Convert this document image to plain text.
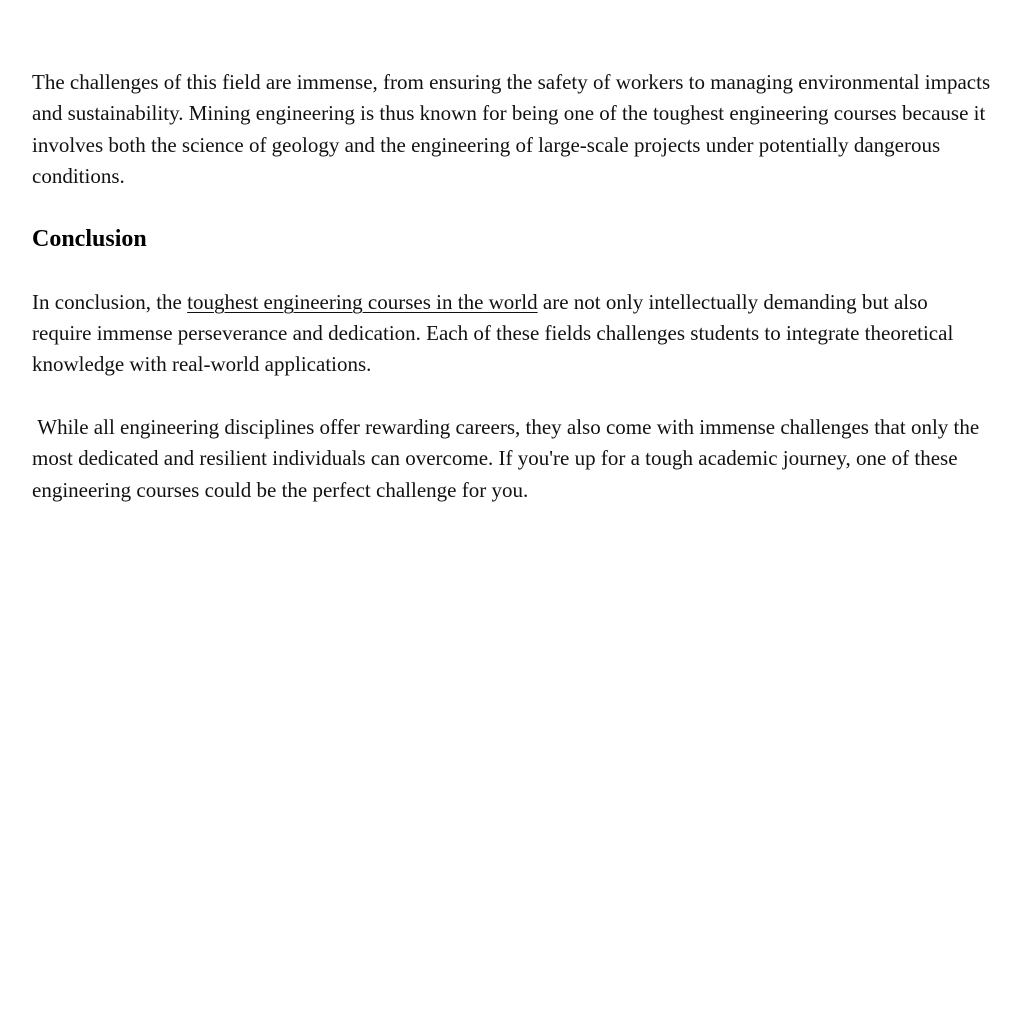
The challenges of this field are immense, from ensuring the safety of workers to managing environmental impacts and sustainability. Mining engineering is thus known for being one of the toughest engineering courses because it involves both the science of geology and the engineering of large-scale projects under potentially dangerous conditions.

Conclusion

In conclusion, the toughest engineering courses in the world are not only intellectually demanding but also require immense perseverance and dedication. Each of these fields challenges students to integrate theoretical knowledge with real-world applications.

While all engineering disciplines offer rewarding careers, they also come with immense challenges that only the most dedicated and resilient individuals can overcome. If you're up for a tough academic journey, one of these engineering courses could be the perfect challenge for you.
